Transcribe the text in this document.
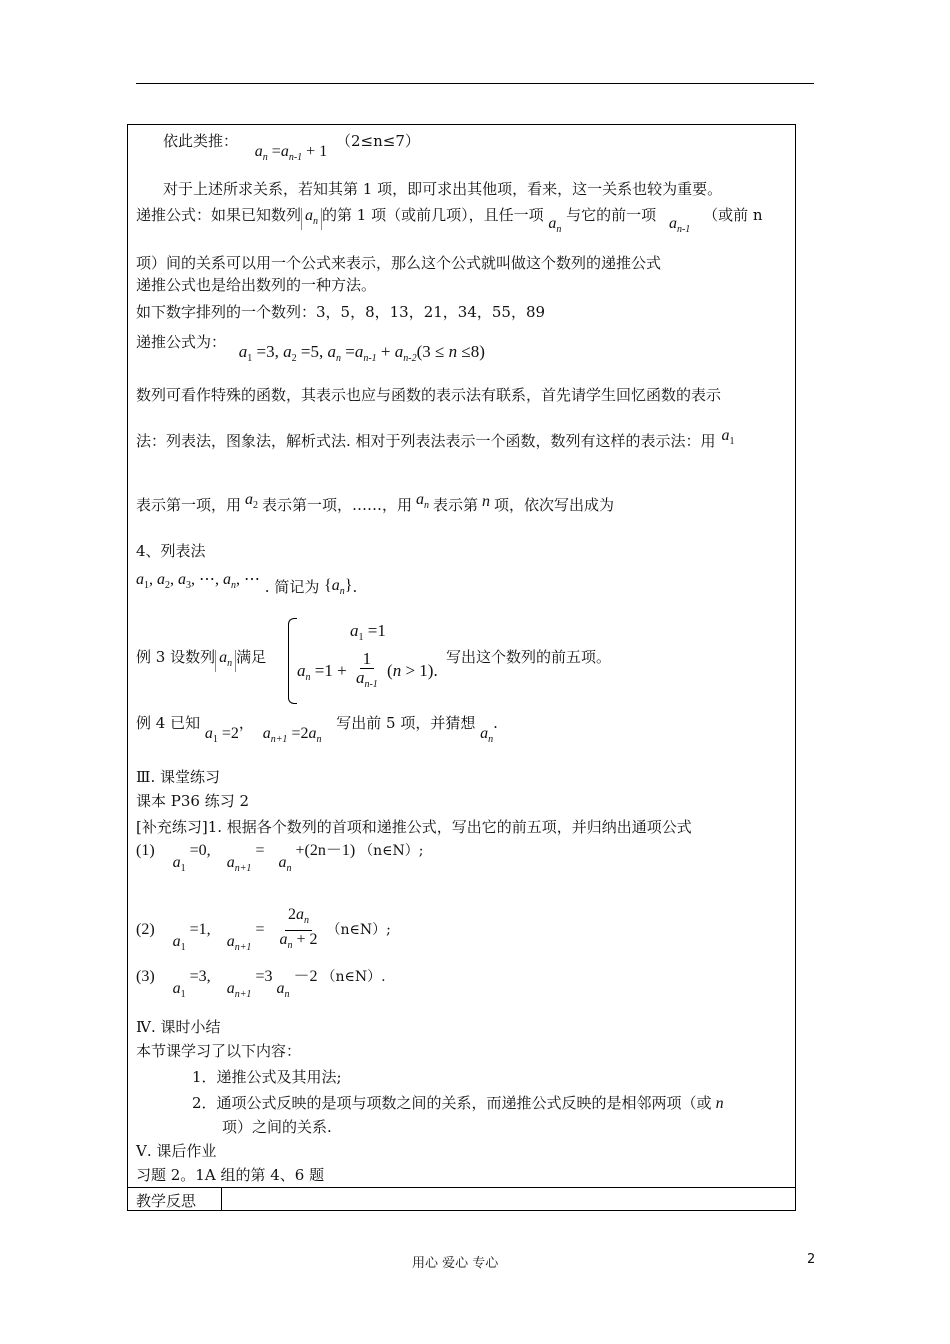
依此类推： $a_n =a_{n-1} + 1$ （2≤n≤7）
对于上述所求关系，若知其第 1 项，即可求出其他项，看来，这一关系也较为重要。
递推公式：如果已知数列 $a_n$ 的第 1 项（或前几项），且任一项 $a_n$ 与它的前一项 $a_{n-1}$ （或前 n
项）间的关系可以用一个公式来表示，那么这个公式就叫做这个数列的递推公式
递推公式也是给出数列的一种方法。
如下数字排列的一个数列：3，5，8，13，21，34，55，89
递推公式为： $a_1 =3$, $a_2 =5$, $a_n =a_{n-1} + a_{n-2}(3 \le n \le 8)$
数列可看作特殊的函数，其表示也应与函数的表示法有联系，首先请学生回忆函数的表示
法：列表法，图象法，解析式法. 相对于列表法表示一个函数，数列有这样的表示法：用 $a_1$
表示第一项，用 $a_2$ 表示第一项，……，用 $a_n$ 表示第 n 项，依次写出成为
4、列表法
$a_1$, $a_2$, $a_3$, ⋯, $a_n$, ⋯ . 简记为 $\{a_n\}$.
例 3 设数列 $a_n$ 满足
$a_1 =1$
$a_n =1 + \frac{1}{a_{n-1}} (n > 1)$.
写出这个数列的前五项。
例 4 已知 $a_1 =2$， $a_{n+1} =2a_n$ 写出前 5 项，并猜想 $a_n$.
Ⅲ. 课堂练习
课本 P36 练习 2
[补充练习]1. 根据各个数列的首项和递推公式，写出它的前五项，并归纳出通项公式
(1) $a_1 =0$, $a_{n+1} = a_n +(2n-1)$ （n∈N）;
(2) $a_1 =1$, $a_{n+1} = \frac{2a_n}{a_n + 2}$ （n∈N）;
(3) $a_1 =3$, $a_{n+1} =3$ $a_n -2$ （n∈N）.
Ⅳ. 课时小结
本节课学习了以下内容：
1．递推公式及其用法;
2．通项公式反映的是项与项数之间的关系，而递推公式反映的是相邻两项（或 n
项）之间的关系.
Ⅴ. 课后作业
习题 2。1A 组的第 4、6 题
教学反思
用心 爱心 专心	2
